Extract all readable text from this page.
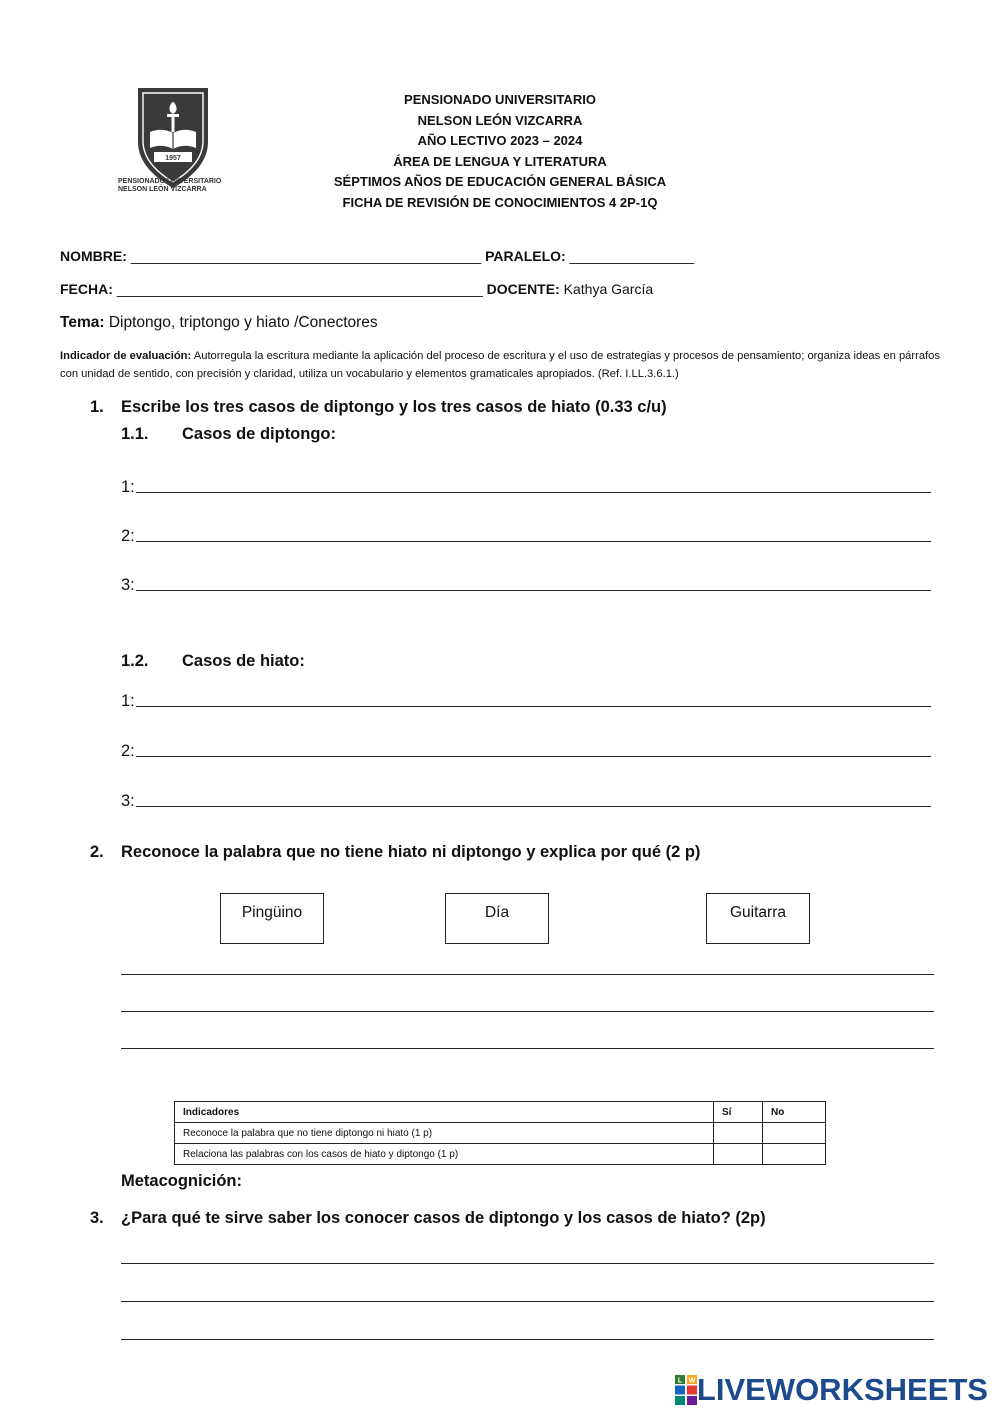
1957
PENSIONADO UNIVERSITARIO
NELSON LEÓN VIZCARRA
PENSIONADO UNIVERSITARIO
NELSON LEÓN VIZCARRA
AÑO LECTIVO 2023 – 2024
ÁREA DE LENGUA Y LITERATURA
SÉPTIMOS AÑOS DE EDUCACIÓN GENERAL BÁSICA
FICHA DE REVISIÓN DE CONOCIMIENTOS 4 2P-1Q
NOMBRE: _____________________________________________ PARALELO: ________________
FECHA: _______________________________________________ DOCENTE: Kathya García
Tema: Diptongo, triptongo y hiato /Conectores
Indicador de evaluación: Autorregula la escritura mediante la aplicación del proceso de escritura y el uso de estrategias y procesos de pensamiento; organiza ideas en párrafos con unidad de sentido, con precisión y claridad, utiliza un vocabulario y elementos gramaticales apropiados. (Ref. I.LL.3.6.1.)
1. Escribe los tres casos de diptongo y los tres casos de hiato (0.33 c/u)
1.1. Casos de diptongo:
1:
2:
3:
1.2. Casos de hiato:
1:
2:
3:
2. Reconoce la palabra que no tiene hiato ni diptongo y explica por qué (2 p)
Pingüino	Día	Guitarra
Indicadores	Sí	No
Reconoce la palabra que no tiene diptongo ni hiato (1 p)		
Relaciona las palabras con los casos de hiato y diptongo (1 p)		
Metacognición:
3. ¿Para qué te sirve saber los conocer casos de diptongo y los casos de hiato? (2p)
L W LIVEWORKSHEETS
